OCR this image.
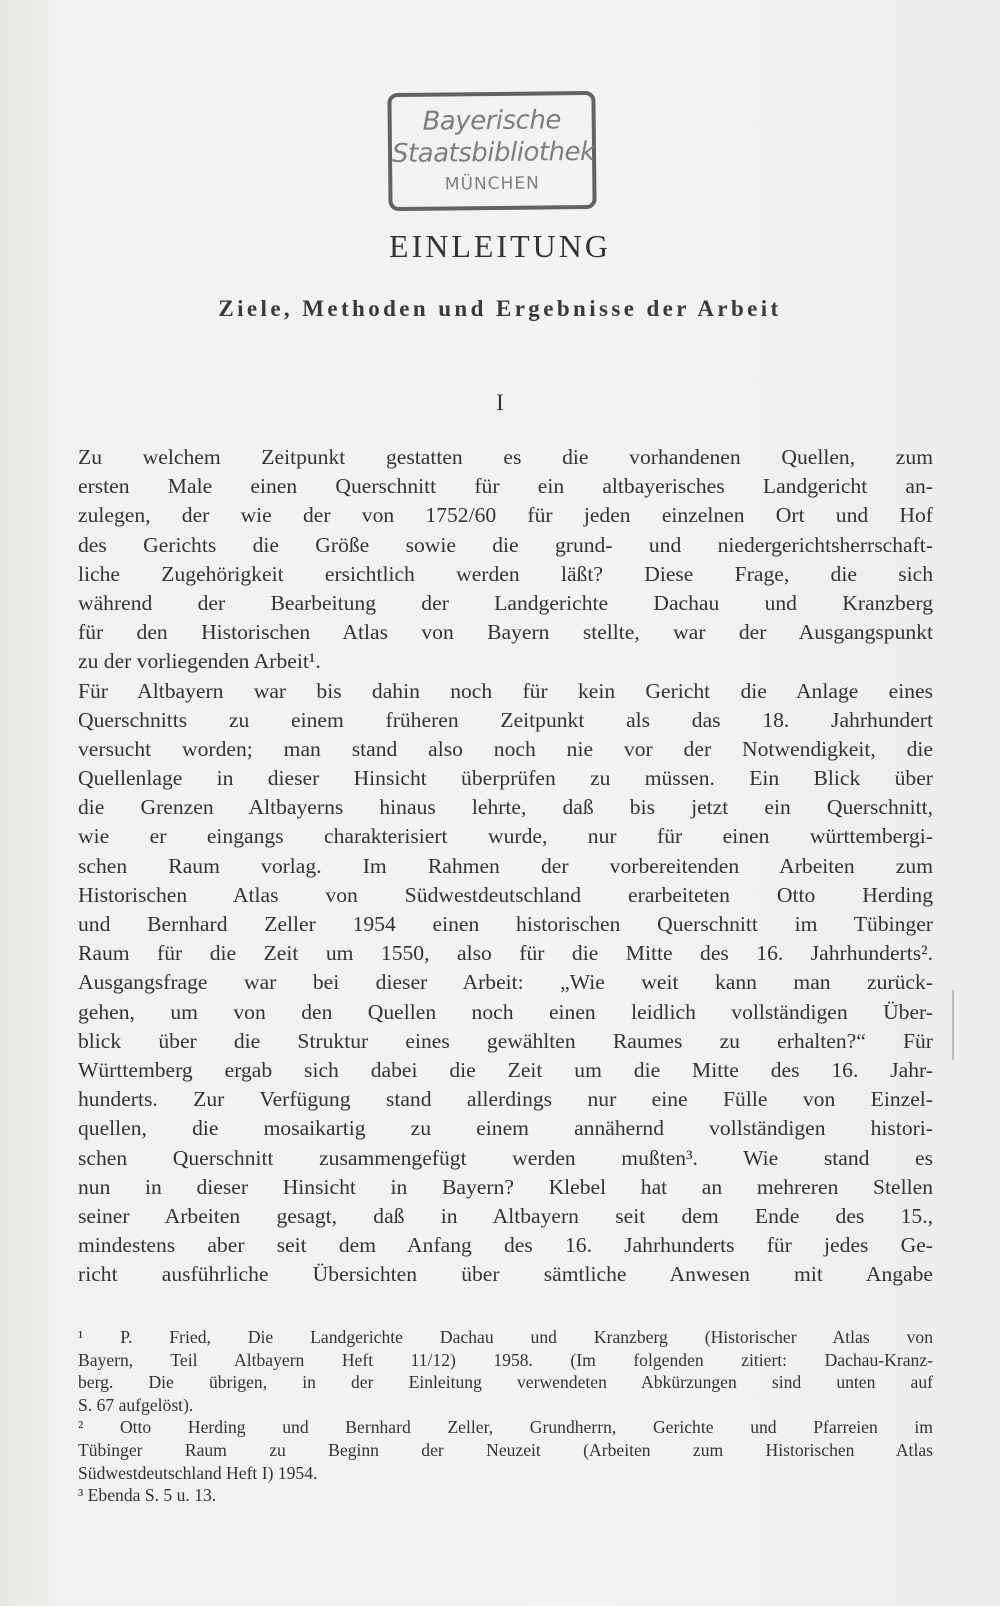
Bayerische
Staatsbibliothek
MÜNCHEN
EINLEITUNG
Ziele, Methoden und Ergebnisse der Arbeit
I
Zu welchem Zeitpunkt gestatten es die vorhandenen Quellen, zum
ersten Male einen Querschnitt für ein altbayerisches Landgericht an-
zulegen, der wie der von 1752/60 für jeden einzelnen Ort und Hof
des Gerichts die Größe sowie die grund- und niedergerichtsherrschaft-
liche Zugehörigkeit ersichtlich werden läßt? Diese Frage, die sich
während der Bearbeitung der Landgerichte Dachau und Kranzberg
für den Historischen Atlas von Bayern stellte, war der Ausgangspunkt
zu der vorliegenden Arbeit¹.
Für Altbayern war bis dahin noch für kein Gericht die Anlage eines
Querschnitts zu einem früheren Zeitpunkt als das 18. Jahrhundert
versucht worden; man stand also noch nie vor der Notwendigkeit, die
Quellenlage in dieser Hinsicht überprüfen zu müssen. Ein Blick über
die Grenzen Altbayerns hinaus lehrte, daß bis jetzt ein Querschnitt,
wie er eingangs charakterisiert wurde, nur für einen württembergi-
schen Raum vorlag. Im Rahmen der vorbereitenden Arbeiten zum
Historischen Atlas von Südwestdeutschland erarbeiteten Otto Herding
und Bernhard Zeller 1954 einen historischen Querschnitt im Tübinger
Raum für die Zeit um 1550, also für die Mitte des 16. Jahrhunderts².
Ausgangsfrage war bei dieser Arbeit: „Wie weit kann man zurück-
gehen, um von den Quellen noch einen leidlich vollständigen Über-
blick über die Struktur eines gewählten Raumes zu erhalten?“ Für
Württemberg ergab sich dabei die Zeit um die Mitte des 16. Jahr-
hunderts. Zur Verfügung stand allerdings nur eine Fülle von Einzel-
quellen, die mosaikartig zu einem annähernd vollständigen histori-
schen Querschnitt zusammengefügt werden mußten³. Wie stand es
nun in dieser Hinsicht in Bayern? Klebel hat an mehreren Stellen
seiner Arbeiten gesagt, daß in Altbayern seit dem Ende des 15.,
mindestens aber seit dem Anfang des 16. Jahrhunderts für jedes Ge-
richt ausführliche Übersichten über sämtliche Anwesen mit Angabe
¹ P. Fried, Die Landgerichte Dachau und Kranzberg (Historischer Atlas von
Bayern, Teil Altbayern Heft 11/12) 1958. (Im folgenden zitiert: Dachau-Kranz-
berg. Die übrigen, in der Einleitung verwendeten Abkürzungen sind unten auf
S. 67 aufgelöst).
² Otto Herding und Bernhard Zeller, Grundherrn, Gerichte und Pfarreien im
Tübinger Raum zu Beginn der Neuzeit (Arbeiten zum Historischen Atlas
Südwestdeutschland Heft I) 1954.
³ Ebenda S. 5 u. 13.
